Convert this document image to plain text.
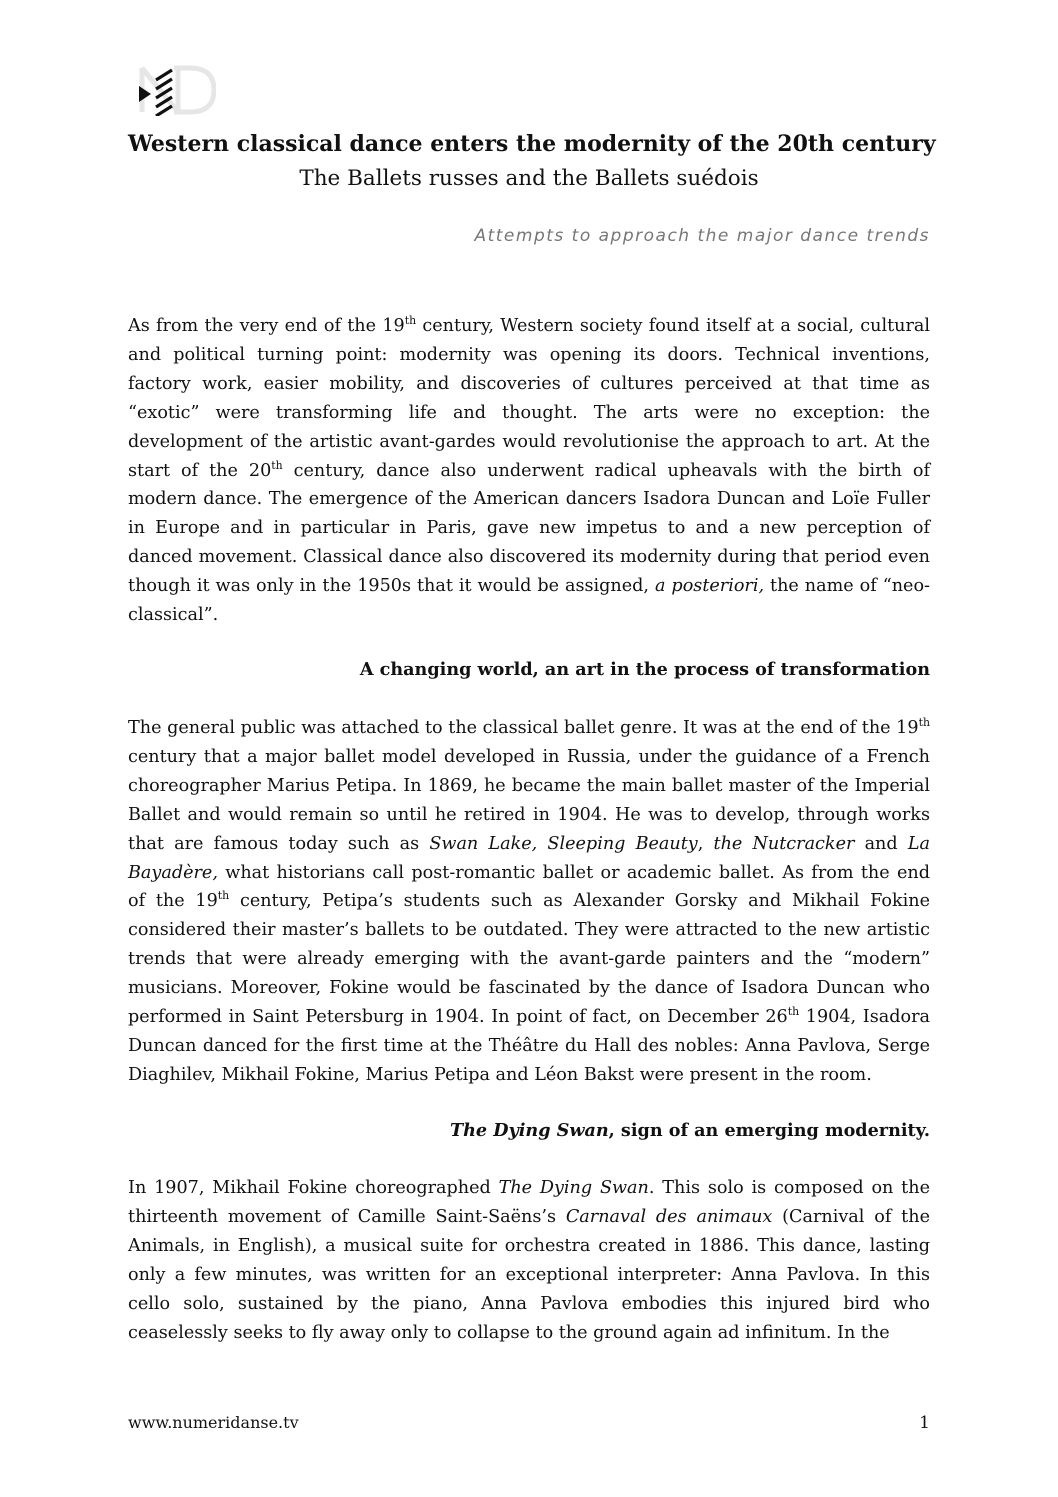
Western classical dance enters the modernity of the 20th century
The Ballets russes and the Ballets suédois
Attempts to approach the major dance trends

As from the very end of the 19th century, Western society found itself at a social, cultural and political turning point: modernity was opening its doors. Technical inventions, factory work, easier mobility, and discoveries of cultures perceived at that time as “exotic” were transforming life and thought. The arts were no exception: the development of the artistic avant-gardes would revolutionise the approach to art. At the start of the 20th century, dance also underwent radical upheavals with the birth of modern dance. The emergence of the American dancers Isadora Duncan and Loïe Fuller in Europe and in particular in Paris, gave new impetus to and a new perception of danced movement. Classical dance also discovered its modernity during that period even though it was only in the 1950s that it would be assigned, a posteriori, the name of “neo-classical”.

A changing world, an art in the process of transformation

The general public was attached to the classical ballet genre. It was at the end of the 19th century that a major ballet model developed in Russia, under the guidance of a French choreographer Marius Petipa. In 1869, he became the main ballet master of the Imperial Ballet and would remain so until he retired in 1904. He was to develop, through works that are famous today such as Swan Lake, Sleeping Beauty, the Nutcracker and La Bayadère, what historians call post-romantic ballet or academic ballet. As from the end of the 19th century, Petipa’s students such as Alexander Gorsky and Mikhail Fokine considered their master’s ballets to be outdated. They were attracted to the new artistic trends that were already emerging with the avant-garde painters and the “modern” musicians. Moreover, Fokine would be fascinated by the dance of Isadora Duncan who performed in Saint Petersburg in 1904. In point of fact, on December 26th 1904, Isadora Duncan danced for the first time at the Théâtre du Hall des nobles: Anna Pavlova, Serge Diaghilev, Mikhail Fokine, Marius Petipa and Léon Bakst were present in the room.

The Dying Swan, sign of an emerging modernity.

In 1907, Mikhail Fokine choreographed The Dying Swan. This solo is composed on the thirteenth movement of Camille Saint-Saëns’s Carnaval des animaux (Carnival of the Animals, in English), a musical suite for orchestra created in 1886. This dance, lasting only a few minutes, was written for an exceptional interpreter: Anna Pavlova. In this cello solo, sustained by the piano, Anna Pavlova embodies this injured bird who ceaselessly seeks to fly away only to collapse to the ground again ad infinitum. In the

www.numeridanse.tv	1
